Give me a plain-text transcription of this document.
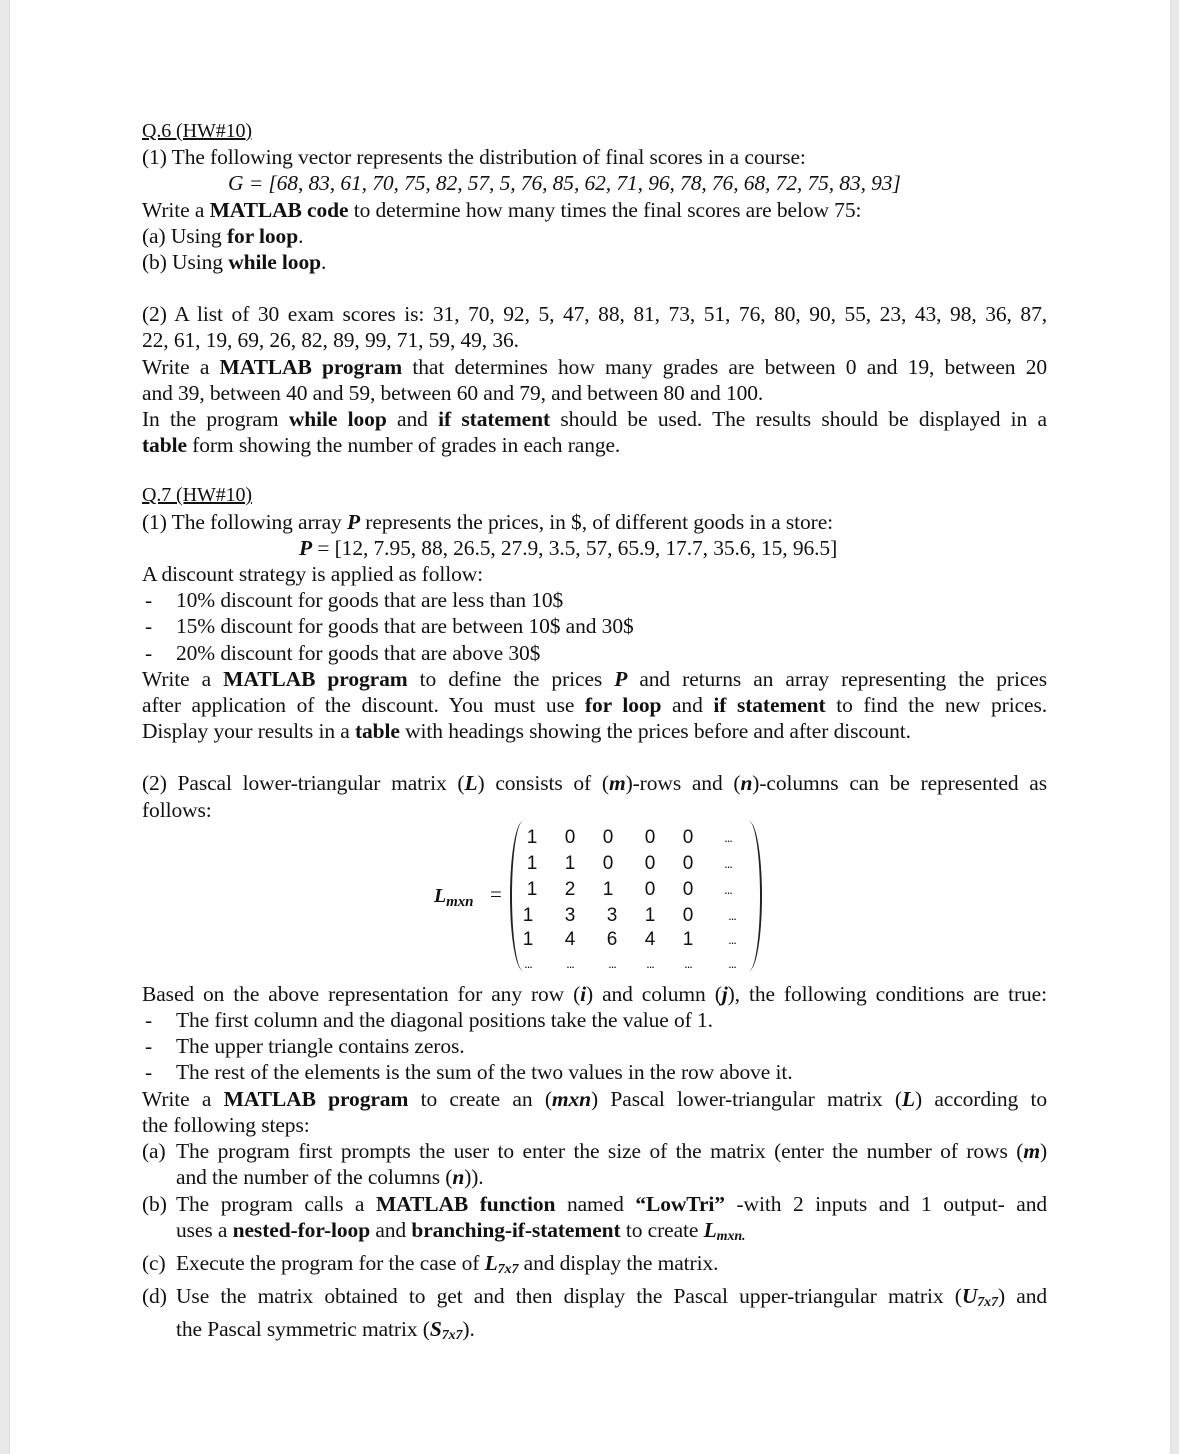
Q.6 (HW#10)
(1) The following vector represents the distribution of final scores in a course:
G = [68, 83, 61, 70, 75, 82, 57, 5, 76, 85, 62, 71, 96, 78, 76, 68, 72, 75, 83, 93]
Write a MATLAB code to determine how many times the final scores are below 75:
(a) Using for loop.
(b) Using while loop.
(2) A list of 30 exam scores is: 31, 70, 92, 5, 47, 88, 81, 73, 51, 76, 80, 90, 55, 23, 43, 98, 36, 87,
22, 61, 19, 69, 26, 82, 89, 99, 71, 59, 49, 36.
Write a MATLAB program that determines how many grades are between 0 and 19, between 20
and 39, between 40 and 59, between 60 and 79, and between 80 and 100.
In the program while loop and if statement should be used. The results should be displayed in a
table form showing the number of grades in each range.
Q.7 (HW#10)
(1) The following array P represents the prices, in $, of different goods in a store:
P = [12, 7.95, 88, 26.5, 27.9, 3.5, 57, 65.9, 17.7, 35.6, 15, 96.5]
A discount strategy is applied as follow:
- 10% discount for goods that are less than 10$
- 15% discount for goods that are between 10$ and 30$
- 20% discount for goods that are above 30$
Write a MATLAB program to define the prices P and returns an array representing the prices
after application of the discount. You must use for loop and if statement to find the new prices.
Display your results in a table with headings showing the prices before and after discount.
(2) Pascal lower-triangular matrix (L) consists of (m)-rows and (n)-columns can be represented as
follows:
$L_{mxn}$ =
1 0 0 0 0	...
1 1 0 0 0	...
1 2 1 0 0	...
1 3 3 1 0	...
1 4 6 4 1	...
...	...	...	...	...	...
Based on the above representation for any row (i) and column (j), the following conditions are true:
- The first column and the diagonal positions take the value of 1.
- The upper triangle contains zeros.
- The rest of the elements is the sum of the two values in the row above it.
Write a MATLAB program to create an (mxn) Pascal lower-triangular matrix (L) according to
the following steps:
(a) The program first prompts the user to enter the size of the matrix (enter the number of rows (m)
and the number of the columns (n)).
(b) The program calls a MATLAB function named “LowTri” -with 2 inputs and 1 output- and
uses a nested-for-loop and branching-if-statement to create $L_{mxn.}$
(c) Execute the program for the case of $L_{7x7}$ and display the matrix.
(d) Use the matrix obtained to get and then display the Pascal upper-triangular matrix $(U_{7x7})$ and
the Pascal symmetric matrix $(S_{7x7})$.
